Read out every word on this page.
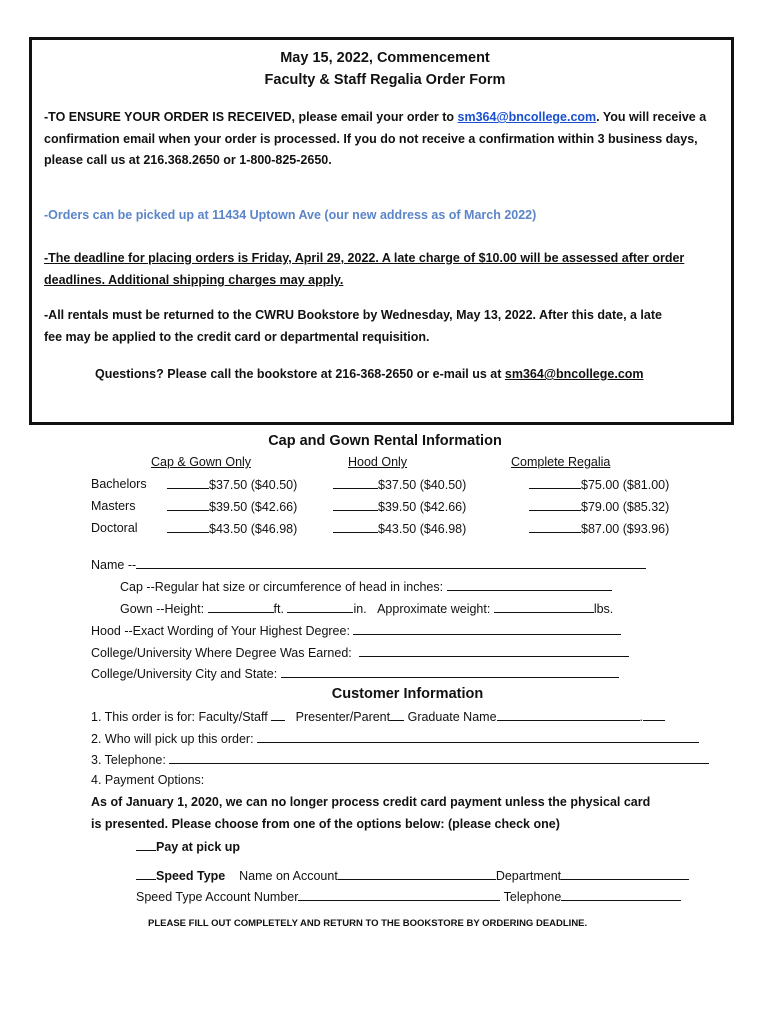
May 15, 2022, Commencement
Faculty & Staff Regalia Order Form
-TO ENSURE YOUR ORDER IS RECEIVED, please email your order to sm364@bncollege.com. You will receive a
confirmation email when your order is processed. If you do not receive a confirmation within 3 business days,
please call us at 216.368.2650 or 1-800-825-2650.
-Orders can be picked up at 11434 Uptown Ave (our new address as of March 2022)
-The deadline for placing orders is Friday, April 29, 2022. A late charge of $10.00 will be assessed after order
deadlines. Additional shipping charges may apply.
-All rentals must be returned to the CWRU Bookstore by Wednesday, May 13, 2022. After this date, a late
fee may be applied to the credit card or departmental requisition.
Questions? Please call the bookstore at 216-368-2650 or e-mail us at sm364@bncollege.com
Cap and Gown Rental Information
Cap & Gown Only	Hood Only	Complete Regalia
Bachelors	$37.50 ($40.50)	$37.50 ($40.50)	$75.00 ($81.00)
Masters	$39.50 ($42.66)	$39.50 ($42.66)	$79.00 ($85.32)
Doctoral	$43.50 ($46.98)	$43.50 ($46.98)	$87.00 ($93.96)
Name --
Cap --Regular hat size or circumference of head in inches:
Gown --Height:	ft.	in. Approximate weight:	lbs.
Hood --Exact Wording of Your Highest Degree:
College/University Where Degree Was Earned:
College/University City and State:
Customer Information
1. This order is for: Faculty/Staff Presenter/Parent Graduate Name	.
2. Who will pick up this order:
3. Telephone:
4. Payment Options:
As of January 1, 2020, we can no longer process credit card payment unless the physical card
is presented. Please choose from one of the options below: (please check one)
Pay at pick up
Speed Type Name on Account	Department
Speed Type Account Number	Telephone
PLEASE FILL OUT COMPLETELY AND RETURN TO THE BOOKSTORE BY ORDERING DEADLINE.
